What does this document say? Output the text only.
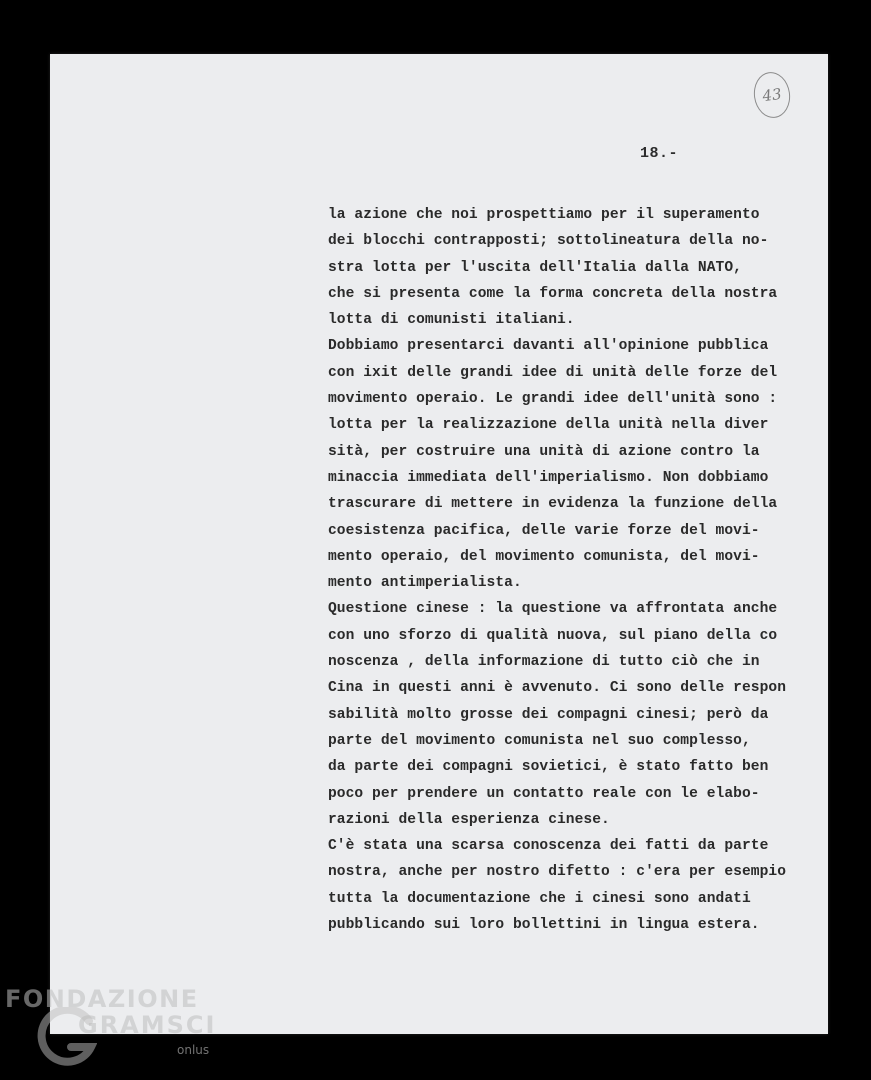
43
18.-
la azione che noi prospettiamo per il superamento
dei blocchi contrapposti; sottolineatura della no-
stra lotta per l'uscita dell'Italia dalla NATO,
che si presenta come la forma concreta della nostra
lotta di comunisti italiani.
Dobbiamo presentarci davanti all'opinione pubblica
con ixit delle grandi idee di unità delle forze del
movimento operaio. Le grandi idee dell'unità sono :
lotta per la realizzazione della unità nella diver
sità, per costruire una unità di azione contro la
minaccia immediata dell'imperialismo. Non dobbiamo
trascurare di mettere in evidenza la funzione della
coesistenza pacifica, delle varie forze del movi-
mento operaio, del movimento comunista, del movi-
mento antimperialista.
Questione cinese : la questione va affrontata anche
con uno sforzo di qualità nuova, sul piano della co
noscenza , della informazione di tutto ciò che in
Cina in questi anni è avvenuto. Ci sono delle respon
sabilità molto grosse dei compagni cinesi; però da
parte del movimento comunista nel suo complesso,
da parte dei compagni sovietici, è stato fatto ben
poco per prendere un contatto reale con le elabo-
razioni della esperienza cinese.
C'è stata una scarsa conoscenza dei fatti da parte
nostra, anche per nostro difetto : c'era per esempio
tutta la documentazione che i cinesi sono andati
pubblicando sui loro bollettini in lingua estera.
FONDAZIONE
GRAMSCI
onlus
